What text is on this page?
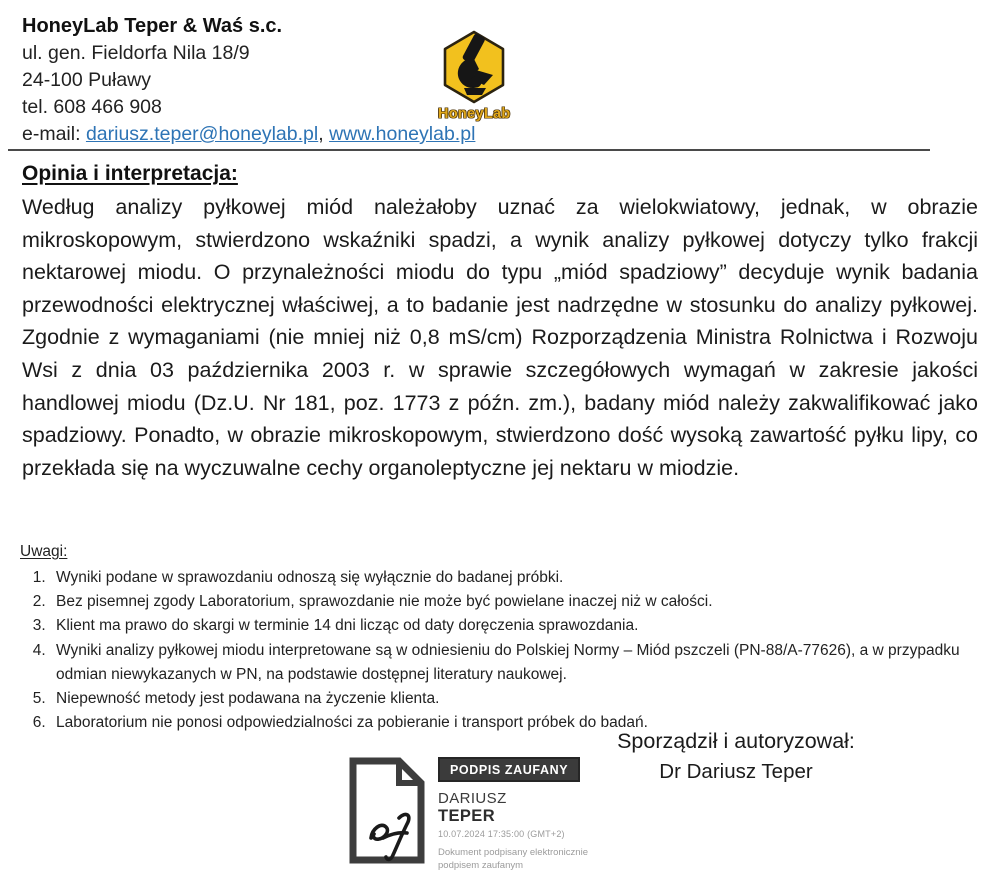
HoneyLab Teper & Waś s.c.
ul. gen. Fieldorfa Nila 18/9
24-100 Puławy
tel. 608 466 908
e-mail: dariusz.teper@honeylab.pl, www.honeylab.pl
HoneyLab
Opinia i interpretacja:
Według analizy pyłkowej miód należałoby uznać za wielokwiatowy, jednak, w obrazie mikroskopowym, stwierdzono wskaźniki spadzi, a wynik analizy pyłkowej dotyczy tylko frakcji nektarowej miodu. O przynależności miodu do typu „miód spadziowy” decyduje wynik badania przewodności elektrycznej właściwej, a to badanie jest nadrzędne w stosunku do analizy pyłkowej. Zgodnie z wymaganiami (nie mniej niż 0,8 mS/cm) Rozporządzenia Ministra Rolnictwa i Rozwoju Wsi z dnia 03 października 2003 r. w sprawie szczegółowych wymagań w zakresie jakości handlowej miodu (Dz.U. Nr 181, poz. 1773 z późn. zm.), badany miód należy zakwalifikować jako spadziowy. Ponadto, w obrazie mikroskopowym, stwierdzono dość wysoką zawartość pyłku lipy, co przekłada się na wyczuwalne cechy organoleptyczne jej nektaru w miodzie.
Uwagi:
1. Wyniki podane w sprawozdaniu odnoszą się wyłącznie do badanej próbki.
2. Bez pisemnej zgody Laboratorium, sprawozdanie nie może być powielane inaczej niż w całości.
3. Klient ma prawo do skargi w terminie 14 dni licząc od daty doręczenia sprawozdania.
4. Wyniki analizy pyłkowej miodu interpretowane są w odniesieniu do Polskiej Normy – Miód pszczeli (PN-88/A-77626), a w przypadku odmian niewykazanych w PN, na podstawie dostępnej literatury naukowej.
5. Niepewność metody jest podawana na życzenie klienta.
6. Laboratorium nie ponosi odpowiedzialności za pobieranie i transport próbek do badań.
PODPIS ZAUFANY
DARIUSZ
TEPER
10.07.2024 17:35:00 (GMT+2)
Dokument podpisany elektronicznie
podpisem zaufanym
Sporządził i autoryzował:
Dr Dariusz Teper
